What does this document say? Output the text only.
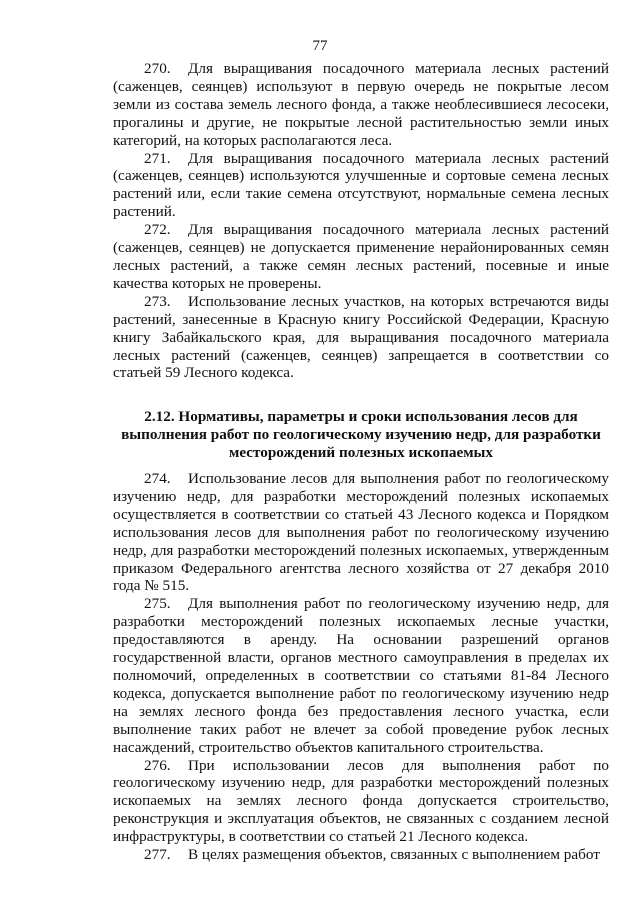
77

270. Для выращивания посадочного материала лесных растений (саженцев, сеянцев) используют в первую очередь не покрытые лесом земли из состава земель лесного фонда, а также необлесившиеся лесосеки, прогалины и другие, не покрытые лесной растительностью земли иных категорий, на которых располагаются леса.

271. Для выращивания посадочного материала лесных растений (саженцев, сеянцев) используются улучшенные и сортовые семена лесных растений или, если такие семена отсутствуют, нормальные семена лесных растений.

272. Для выращивания посадочного материала лесных растений (саженцев, сеянцев) не допускается применение нерайонированных семян лесных растений, а также семян лесных растений, посевные и иные качества которых не проверены.

273. Использование лесных участков, на которых встречаются виды растений, занесенные в Красную книгу Российской Федерации, Красную книгу Забайкальского края, для выращивания посадочного материала лесных растений (саженцев, сеянцев) запрещается в соответствии со статьей 59 Лесного кодекса.

2.12. Нормативы, параметры и сроки использования лесов для
выполнения работ по геологическому изучению недр, для разработки
месторождений полезных ископаемых

274. Использование лесов для выполнения работ по геологическому изучению недр, для разработки месторождений полезных ископаемых осуществляется в соответствии со статьей 43 Лесного кодекса и Порядком использования лесов для выполнения работ по геологическому изучению недр, для разработки месторождений полезных ископаемых, утвержденным приказом Федерального агентства лесного хозяйства от 27 декабря 2010 года № 515.

275. Для выполнения работ по геологическому изучению недр, для разработки месторождений полезных ископаемых лесные участки, предоставляются в аренду. На основании разрешений органов государственной власти, органов местного самоуправления в пределах их полномочий, определенных в соответствии со статьями 81-84 Лесного кодекса, допускается выполнение работ по геологическому изучению недр на землях лесного фонда без предоставления лесного участка, если выполнение таких работ не влечет за собой проведение рубок лесных насаждений, строительство объектов капитального строительства.

276. При использовании лесов для выполнения работ по геологическому изучению недр, для разработки месторождений полезных ископаемых на землях лесного фонда допускается строительство, реконструкция и эксплуатация объектов, не связанных с созданием лесной инфраструктуры, в соответствии со статьей 21 Лесного кодекса.

277. В целях размещения объектов, связанных с выполнением работ
